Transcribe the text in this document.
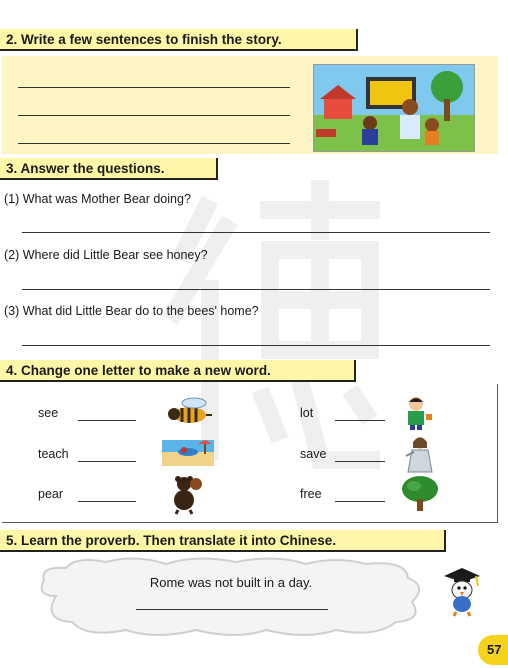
2. Write a few sentences to finish the story.
3. Answer the questions.
(1) What was Mother Bear doing?
(2) Where did Little Bear see honey?
(3) What did Little Bear do to the bees' home?
4. Change one letter to make a new word.
see
teach
pear
lot
save
free
5. Learn the proverb. Then translate it into Chinese.
Rome was not built in a day.
57
